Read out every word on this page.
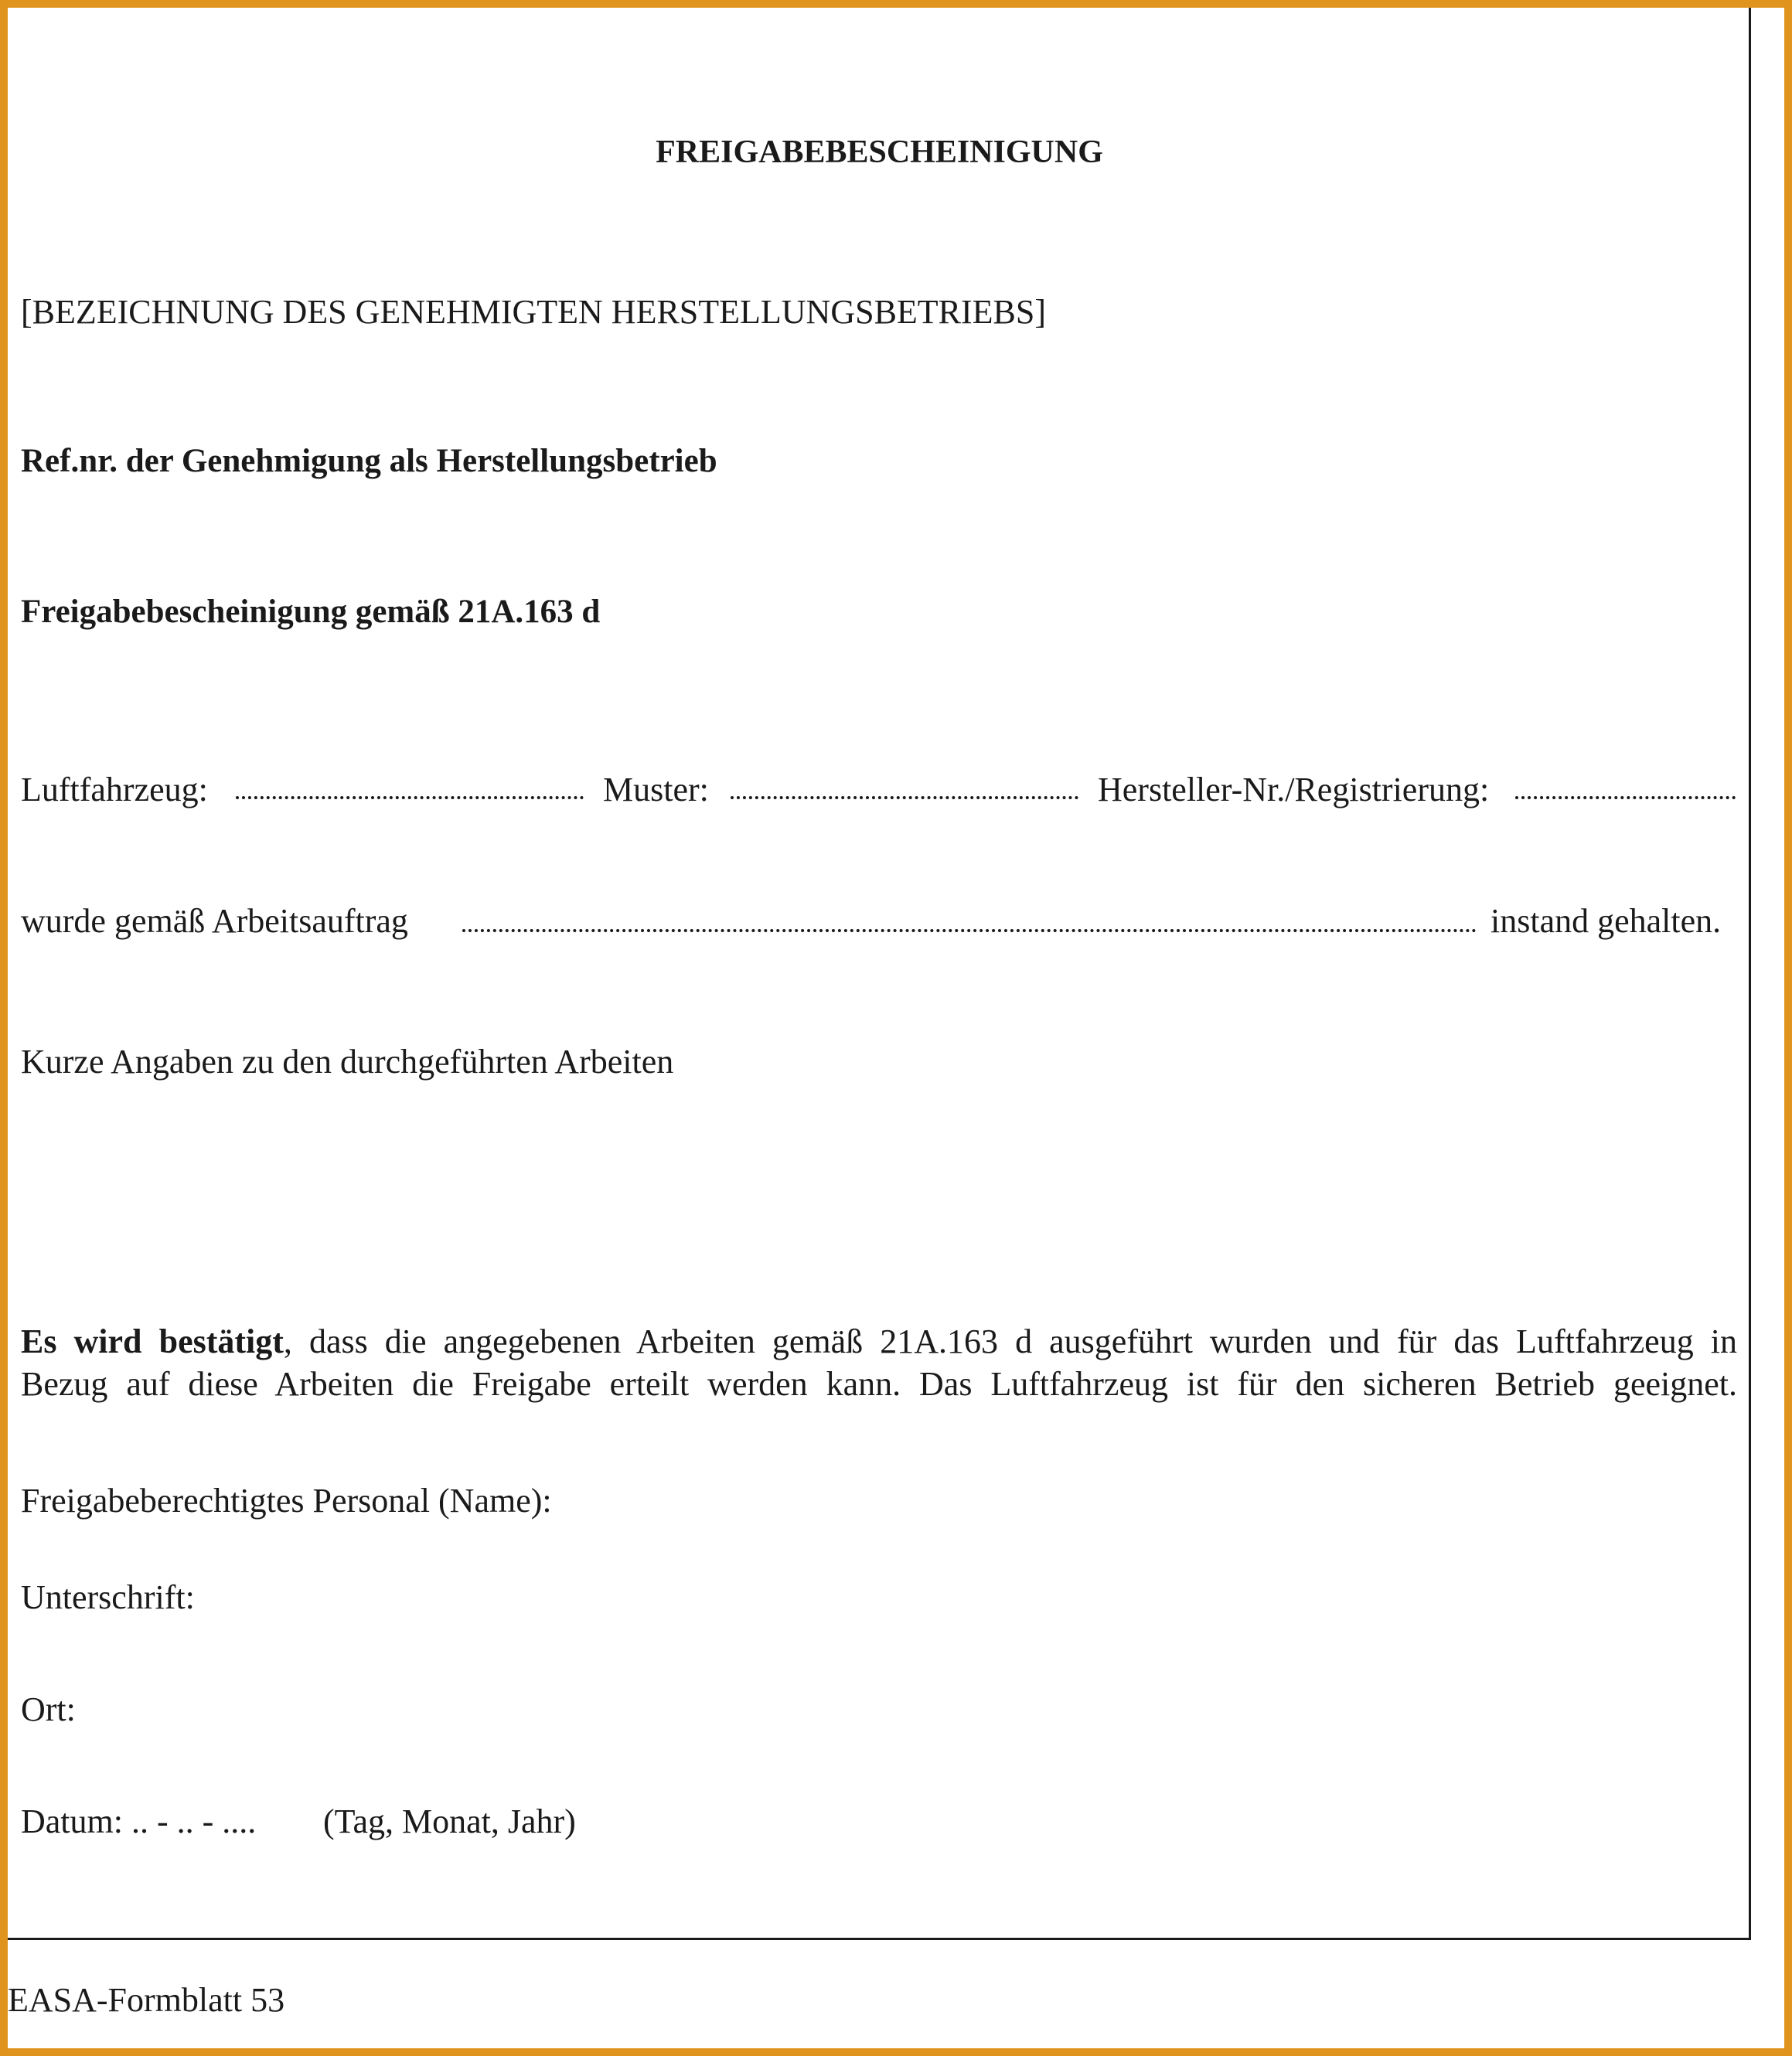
FREIGABEBESCHEINIGUNG
[BEZEICHNUNG DES GENEHMIGTEN HERSTELLUNGSBETRIEBS]
Ref.nr. der Genehmigung als Herstellungsbetrieb
Freigabebescheinigung gemäß 21A.163 d
Luftfahrzeug:	Muster:	Hersteller-Nr./Registrierung:
wurde gemäß Arbeitsauftrag	instand gehalten.
Kurze Angaben zu den durchgeführten Arbeiten

Es wird bestätigt, dass die angegebenen Arbeiten gemäß 21A.163 d ausgeführt wurden und für das Luftfahrzeug in

Bezug auf diese Arbeiten die Freigabe erteilt werden kann. Das Luftfahrzeug ist für den sicheren Betrieb geeignet.

Freigabeberechtigtes Personal (Name):
Unterschrift:
Ort:
Datum: .. - .. - .... (Tag, Monat, Jahr)
EASA-Formblatt 53
